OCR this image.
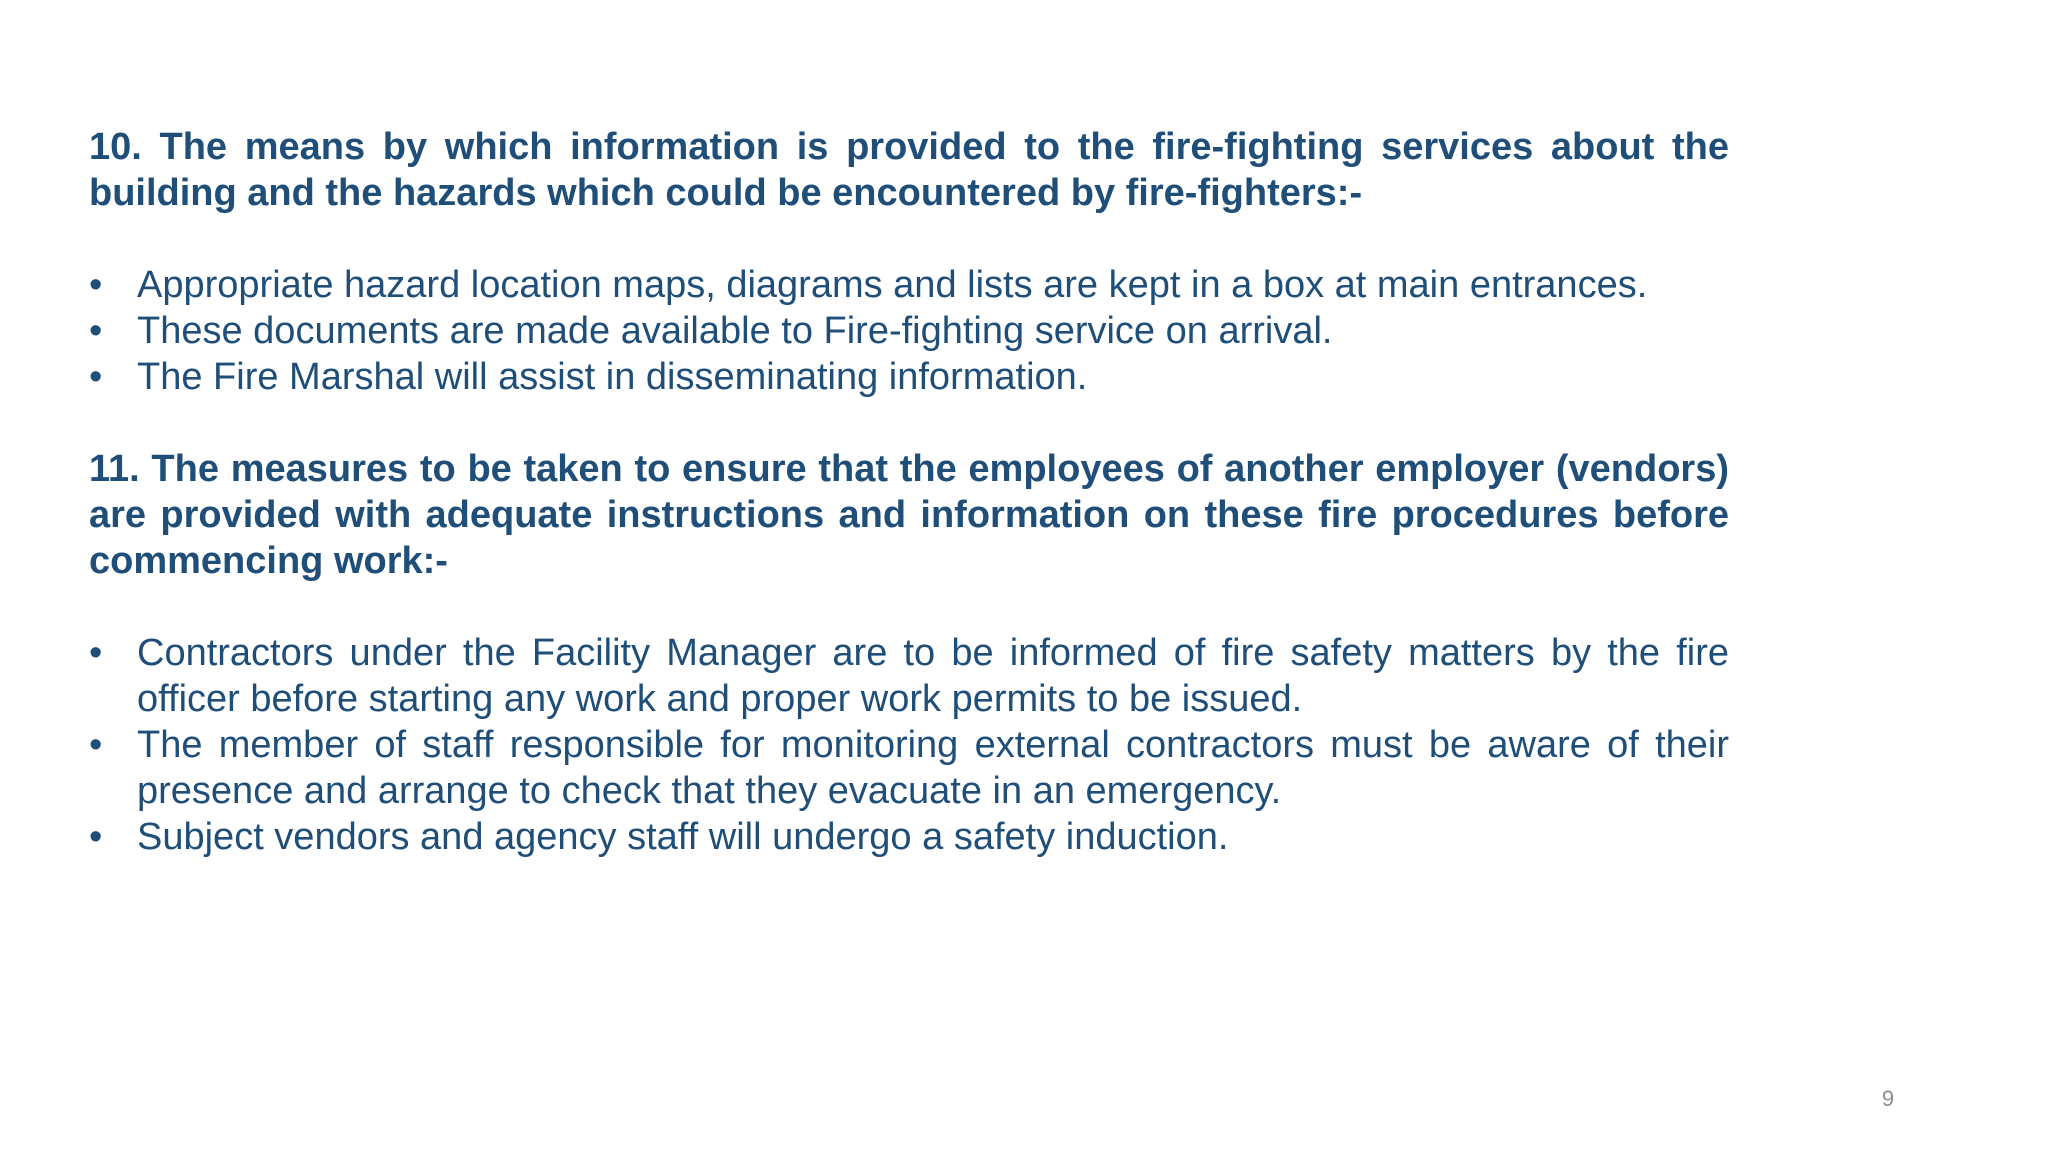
10. The means by which information is provided to the fire-fighting services about the building and the hazards which could be encountered by fire-fighters:-

• Appropriate hazard location maps, diagrams and lists are kept in a box at main entrances.
• These documents are made available to Fire-fighting service on arrival.
• The Fire Marshal will assist in disseminating information.

11. The measures to be taken to ensure that the employees of another employer (vendors) are provided with adequate instructions and information on these fire procedures before commencing work:-

• Contractors under the Facility Manager are to be informed of fire safety matters by the fire officer before starting any work and proper work permits to be issued.
• The member of staff responsible for monitoring external contractors must be aware of their presence and arrange to check that they evacuate in an emergency.
• Subject vendors and agency staff will undergo a safety induction.
9
